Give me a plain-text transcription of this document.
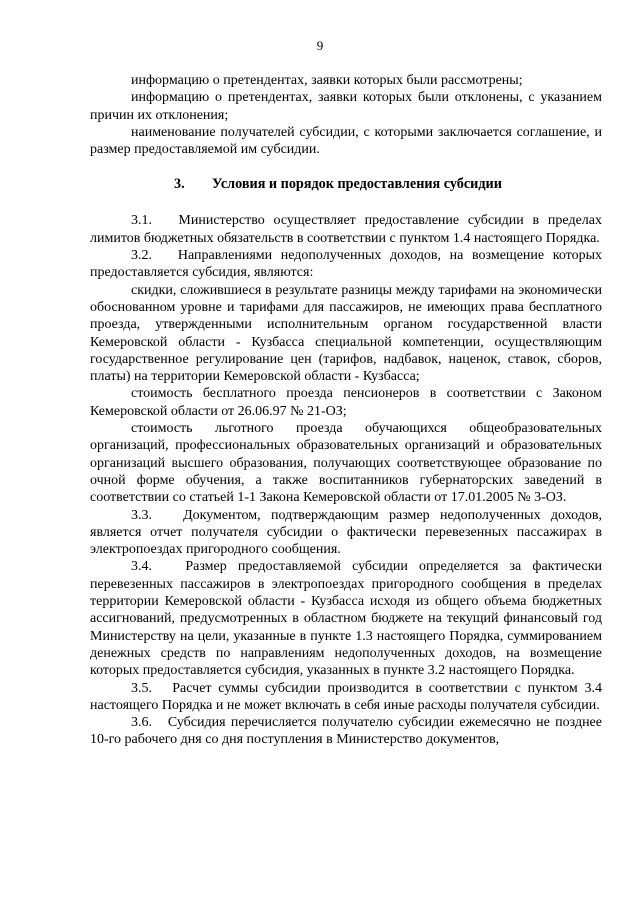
9

информацию о претендентах, заявки которых были рассмотрены;

информацию о претендентах, заявки которых были отклонены, с указанием причин их отклонения;

наименование получателей субсидии, с которыми заключается соглашение, и размер предоставляемой им субсидии.

3. Условия и порядок предоставления субсидии

3.1.   Министерство осуществляет предоставление субсидии в пределах лимитов бюджетных обязательств в соответствии с пунктом 1.4 настоящего Порядка.

3.2.   Направлениями недополученных доходов, на возмещение которых предоставляется субсидия, являются:

скидки, сложившиеся в результате разницы между тарифами на экономически обоснованном уровне и тарифами для пассажиров, не имеющих права бесплатного проезда, утвержденными исполнительным органом государственной власти Кемеровской области - Кузбасса специальной компетенции, осуществляющим государственное регулирование цен (тарифов, надбавок, наценок, ставок, сборов, платы) на территории Кемеровской области - Кузбасса;

стоимость бесплатного проезда пенсионеров в соответствии с Законом Кемеровской области от 26.06.97 № 21-ОЗ;

стоимость льготного проезда обучающихся общеобразовательных организаций, профессиональных образовательных организаций и образовательных организаций высшего образования, получающих соответствующее образование по очной форме обучения, а также воспитанников губернаторских заведений в соответствии со статьей 1-1 Закона Кемеровской области от 17.01.2005 № 3-ОЗ.

3.3.   Документом, подтверждающим размер недополученных доходов, является отчет получателя субсидии о фактически перевезенных пассажирах в электропоездах пригородного сообщения.

3.4.   Размер предоставляемой субсидии определяется за фактически перевезенных пассажиров в электропоездах пригородного сообщения в пределах территории Кемеровской области - Кузбасса исходя из общего объема бюджетных ассигнований, предусмотренных в областном бюджете на текущий финансовый год Министерству на цели, указанные в пункте 1.3 настоящего Порядка, суммированием денежных средств по направлениям недополученных доходов, на возмещение которых предоставляется субсидия, указанных в пункте 3.2 настоящего Порядка.

3.5.   Расчет суммы субсидии производится в соответствии с пунктом 3.4 настоящего Порядка и не может включать в себя иные расходы получателя субсидии.

3.6.   Субсидия перечисляется получателю субсидии ежемесячно не позднее 10-го рабочего дня со дня поступления в Министерство документов,
